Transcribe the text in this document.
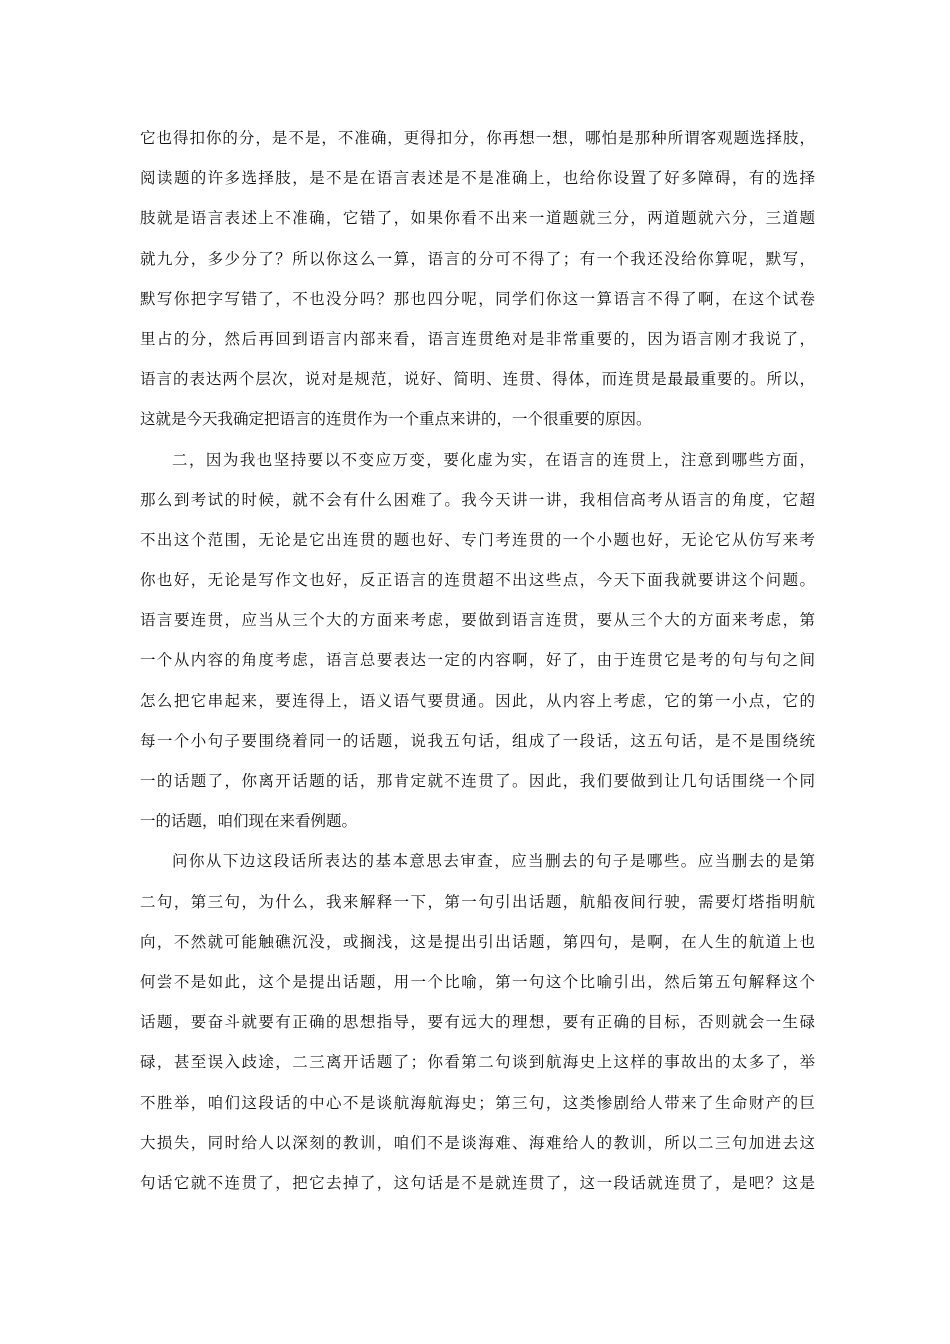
它也得扣你的分，是不是，不准确，更得扣分，你再想一想，哪怕是那种所谓客观题选择肢，
阅读题的许多选择肢，是不是在语言表述是不是准确上，也给你设置了好多障碍，有的选择
肢就是语言表述上不准确，它错了，如果你看不出来一道题就三分，两道题就六分，三道题
就九分，多少分了？所以你这么一算，语言的分可不得了；有一个我还没给你算呢，默写，
默写你把字写错了，不也没分吗？那也四分呢，同学们你这一算语言不得了啊，在这个试卷
里占的分，然后再回到语言内部来看，语言连贯绝对是非常重要的，因为语言刚才我说了，
语言的表达两个层次，说对是规范，说好、简明、连贯、得体，而连贯是最最重要的。所以，
这就是今天我确定把语言的连贯作为一个重点来讲的，一个很重要的原因。
二，因为我也坚持要以不变应万变，要化虚为实，在语言的连贯上，注意到哪些方面，
那么到考试的时候，就不会有什么困难了。我今天讲一讲，我相信高考从语言的角度，它超
不出这个范围，无论是它出连贯的题也好、专门考连贯的一个小题也好，无论它从仿写来考
你也好，无论是写作文也好，反正语言的连贯超不出这些点，今天下面我就要讲这个问题。
语言要连贯，应当从三个大的方面来考虑，要做到语言连贯，要从三个大的方面来考虑，第
一个从内容的角度考虑，语言总要表达一定的内容啊，好了，由于连贯它是考的句与句之间
怎么把它串起来，要连得上，语义语气要贯通。因此，从内容上考虑，它的第一小点，它的
每一个小句子要围绕着同一的话题，说我五句话，组成了一段话，这五句话，是不是围绕统
一的话题了，你离开话题的话，那肯定就不连贯了。因此，我们要做到让几句话围绕一个同
一的话题，咱们现在来看例题。
问你从下边这段话所表达的基本意思去审查，应当删去的句子是哪些。应当删去的是第
二句，第三句，为什么，我来解释一下，第一句引出话题，航船夜间行驶，需要灯塔指明航
向，不然就可能触礁沉没，或搁浅，这是提出引出话题，第四句，是啊，在人生的航道上也
何尝不是如此，这个是提出话题，用一个比喻，第一句这个比喻引出，然后第五句解释这个
话题，要奋斗就要有正确的思想指导，要有远大的理想，要有正确的目标，否则就会一生碌
碌，甚至误入歧途，二三离开话题了；你看第二句谈到航海史上这样的事故出的太多了，举
不胜举，咱们这段话的中心不是谈航海航海史；第三句，这类惨剧给人带来了生命财产的巨
大损失，同时给人以深刻的教训，咱们不是谈海难、海难给人的教训，所以二三句加进去这
句话它就不连贯了，把它去掉了，这句话是不是就连贯了，这一段话就连贯了，是吧？这是
